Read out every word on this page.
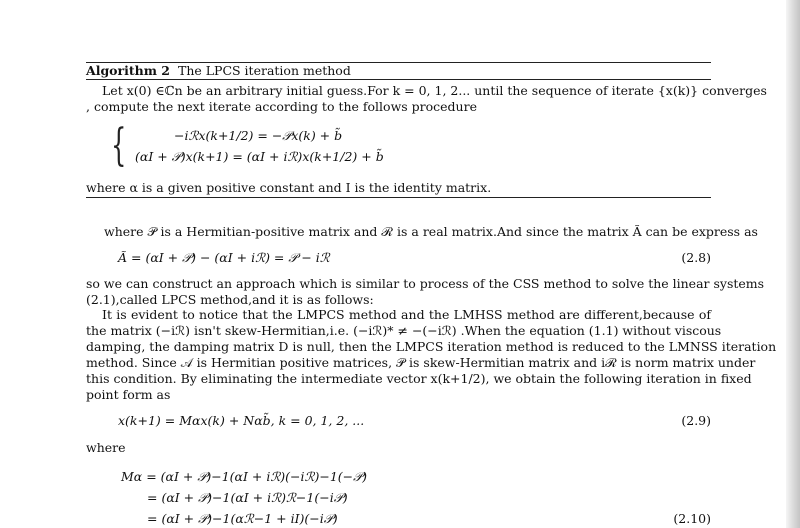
Algorithm 2 The LPCS iteration method
Let x(0) ∈ℂn be an arbitrary initial guess.For k = 0, 1, 2... until the sequence of iterate {x(k)} converges
, compute the next iterate according to the follows procedure
{	−iℛx(k+1/2) = −𝒫x(k) + b̃
(αI + 𝒫)x(k+1) = (αI + iℛ)x(k+1/2) + b̃
where α is a given positive constant and I is the identity matrix.
where 𝒫 is a Hermitian-positive matrix and ℛ is a real matrix.And since the matrix Ã can be express as
Ã = (αI + 𝒫) − (αI + iℛ) = 𝒫 − iℛ	(2.8)
so we can construct an approach which is similar to process of the CSS method to solve the linear systems
(2.1),called LPCS method,and it is as follows:
It is evident to notice that the LMPCS method and the LMHSS method are different,because of
the matrix (−iℛ) isn't skew-Hermitian,i.e. (−iℛ)* ≠ −(−iℛ) .When the equation (1.1) without viscous
damping, the damping matrix D is null, then the LMPCS iteration method is reduced to the LMNSS iteration
method. Since 𝒜 is Hermitian positive matrices, 𝒫 is skew-Hermitian matrix and iℛ is norm matrix under
this condition. By eliminating the intermediate vector x(k+1/2), we obtain the following iteration in fixed
point form as
x(k+1) = Mαx(k) + Nαb̃, k = 0, 1, 2, ...	(2.9)
where
Mα = (αI + 𝒫)−1(αI + iℛ)(−iℛ)−1(−𝒫)
= (αI + 𝒫)−1(αI + iℛ)ℛ−1(−i𝒫)
= (αI + 𝒫)−1(αℛ−1 + iI)(−i𝒫)	(2.10)
